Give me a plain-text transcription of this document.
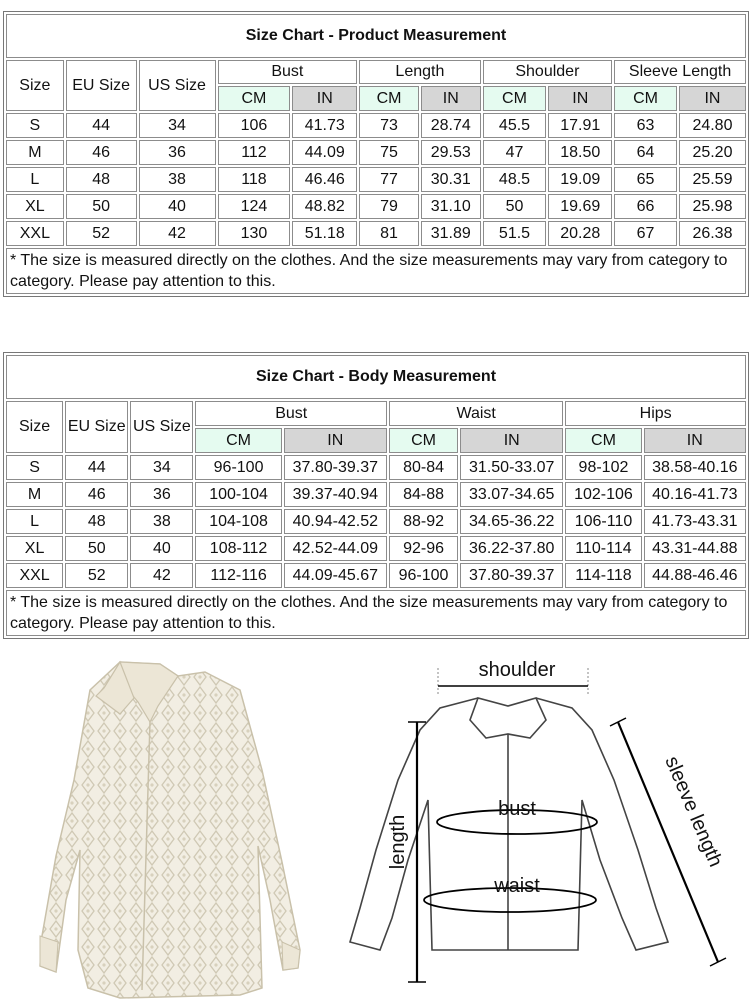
Size Chart - Product Measurement										
Size	EU Size	US Size	Bust		Length		Shoulder		Sleeve Length	
			CM	IN	CM	IN	CM	IN	CM	IN
S	44	34	106	41.73	73	28.74	45.5	17.91	63	24.80
M	46	36	112	44.09	75	29.53	47	18.50	64	25.20
L	48	38	118	46.46	77	30.31	48.5	19.09	65	25.59
XL	50	40	124	48.82	79	31.10	50	19.69	66	25.98
XXL	52	42	130	51.18	81	31.89	51.5	20.28	67	26.38
* The size is measured directly on the clothes. And the size measurements may vary from category to category. Please pay attention to this.										
Size Chart - Body Measurement								
Size	EU Size	US Size	Bust		Waist		Hips	
			CM	IN	CM	IN	CM	IN
S	44	34	96-100	37.80-39.37	80-84	31.50-33.07	98-102	38.58-40.16
M	46	36	100-104	39.37-40.94	84-88	33.07-34.65	102-106	40.16-41.73
L	48	38	104-108	40.94-42.52	88-92	34.65-36.22	106-110	41.73-43.31
XL	50	40	108-112	42.52-44.09	92-96	36.22-37.80	110-114	43.31-44.88
XXL	52	42	112-116	44.09-45.67	96-100	37.80-39.37	114-118	44.88-46.46
* The size is measured directly on the clothes. And the size measurements may vary from category to category. Please pay attention to this.								
shoulder
bust
waist
length	sleeve length
